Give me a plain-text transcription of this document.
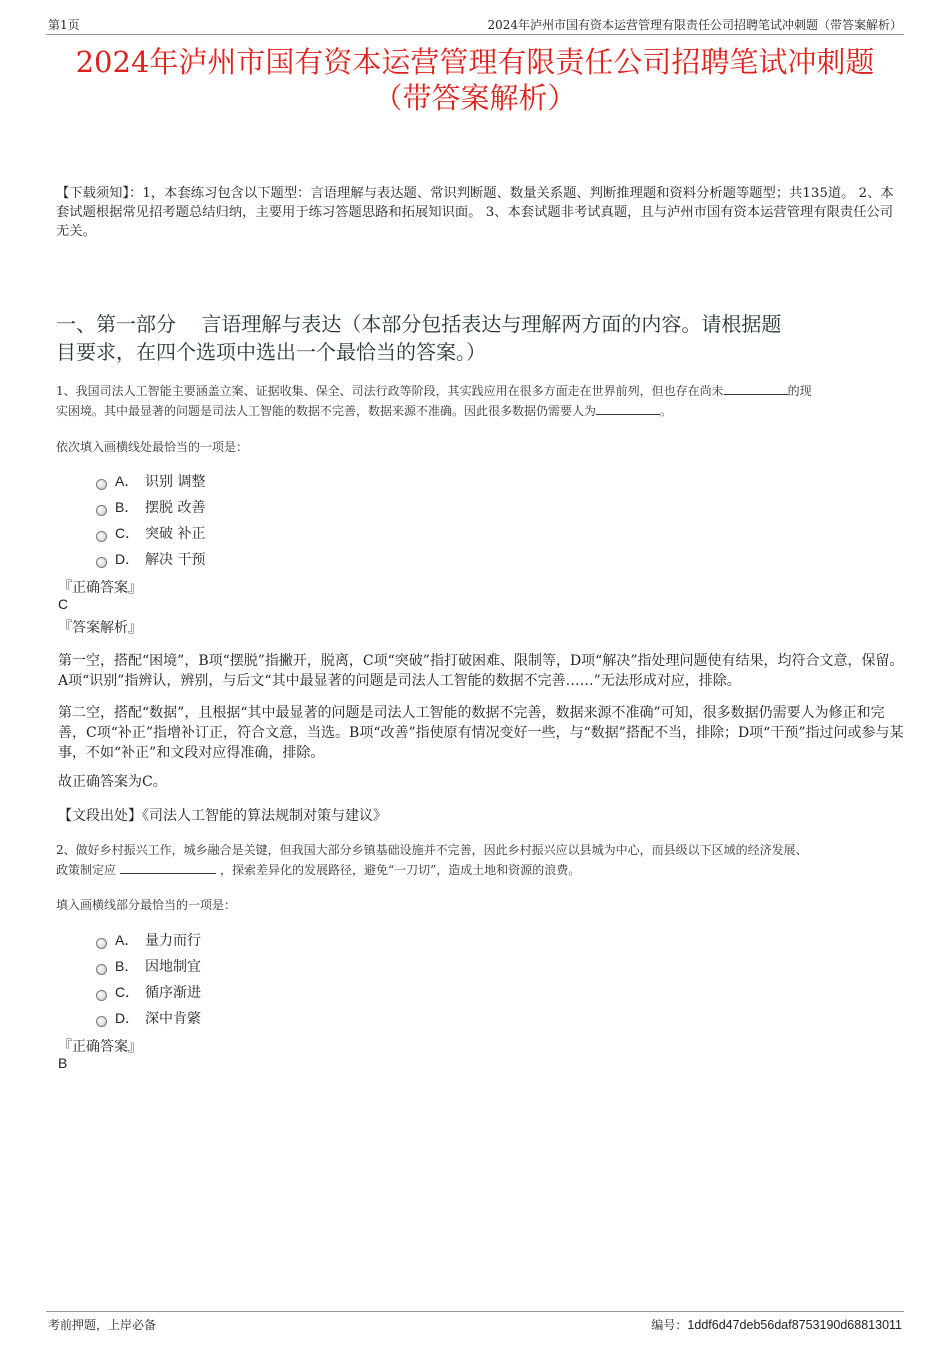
第1页	2024年泸州市国有资本运营管理有限责任公司招聘笔试冲刺题（带答案解析）
2024年泸州市国有资本运营管理有限责任公司招聘笔试冲刺题
（带答案解析）
【下载须知】：1，本套练习包含以下题型：言语理解与表达题、常识判断题、数量关系题、判断推理题和资料分析题等题型；共135道。 2、本套试题根据常见招考题总结归纳，主要用于练习答题思路和拓展知识面。 3、本套试题非考试真题，且与泸州市国有资本运营管理有限责任公司无关。
一、第一部分    言语理解与表达（本部分包括表达与理解两方面的内容。请根据题
目要求，在四个选项中选出一个最恰当的答案。）
1、我国司法人工智能主要涵盖立案、证据收集、保全、司法行政等阶段，其实践应用在很多方面走在世界前列，但也存在尚未	的现
实困境。其中最显著的问题是司法人工智能的数据不完善，数据来源不准确。因此很多数据仍需要人为	。
依次填入画横线处最恰当的一项是：
A． 识别 调整
B． 摆脱 改善
C． 突破 补正
D． 解决 干预
『正确答案』
C
『答案解析』
第一空，搭配“困境”，B项“摆脱”指撇开，脱离，C项“突破”指打破困难、限制等，D项“解决”指处理问题使有结果，均符合文意，保留。A项“识别”指辨认，辨别，与后文“其中最显著的问题是司法人工智能的数据不完善……”无法形成对应，排除。
第二空，搭配“数据”，且根据“其中最显著的问题是司法人工智能的数据不完善，数据来源不准确”可知，很多数据仍需要人为修正和完善，C项“补正”指增补订正，符合文意，当选。B项“改善”指使原有情况变好一些，与“数据”搭配不当，排除；D项“干预”指过问或参与某事，不如“补正”和文段对应得准确，排除。
故正确答案为C。
【文段出处】《司法人工智能的算法规制对策与建议》
2、做好乡村振兴工作，城乡融合是关键，但我国大部分乡镇基础设施并不完善，因此乡村振兴应以县城为中心，而县级以下区域的经济发展、
政策制定应	，探索差异化的发展路径，避免“一刀切”，造成土地和资源的浪费。
填入画横线部分最恰当的一项是：
A． 量力而行
B． 因地制宜
C． 循序渐进
D． 深中肯綮
『正确答案』
B
考前押题，上岸必备	编号：1ddf6d47deb56daf8753190d68813011
